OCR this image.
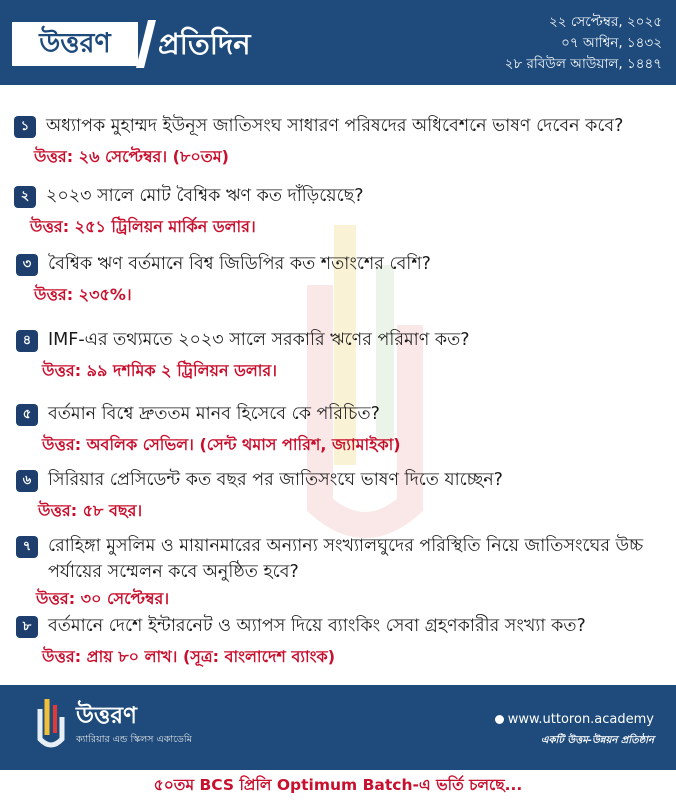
উত্তরণ	প্রতিদিন
২২ সেপ্টেম্বর, ২০২৫
০৭ আশ্বিন, ১৪৩২
২৮ রবিউল আউয়াল, ১৪৪৭
১ অধ্যাপক মুহাম্মদ ইউনূস জাতিসংঘ সাধারণ পরিষদের অধিবেশনে ভাষণ দেবেন কবে?
উত্তর: ২৬ সেপ্টেম্বর। (৮০তম)
২ ২০২৩ সালে মোট বৈশ্বিক ঋণ কত দাঁড়িয়েছে?
উত্তর: ২৫১ ট্রিলিয়ন মার্কিন ডলার।
৩ বৈশ্বিক ঋণ বর্তমানে বিশ্ব জিডিপির কত শতাংশের বেশি?
উত্তর: ২৩৫%।
৪ IMF-এর তথ্যমতে ২০২৩ সালে সরকারি ঋণের পরিমাণ কত?
উত্তর: ৯৯ দশমিক ২ ট্রিলিয়ন ডলার।
৫ বর্তমান বিশ্বে দ্রুততম মানব হিসেবে কে পরিচিত?
উত্তর: অবলিক সেভিল। (সেন্ট থমাস পারিশ, জ্যামাইকা)
৬ সিরিয়ার প্রেসিডেন্ট কত বছর পর জাতিসংঘে ভাষণ দিতে যাচ্ছেন?
উত্তর: ৫৮ বছর।
৭ রোহিঙ্গা মুসলিম ও মায়ানমারের অন্যান্য সংখ্যালঘুদের পরিস্থিতি নিয়ে জাতিসংঘের উচ্চ পর্যায়ের সম্মেলন কবে অনুষ্ঠিত হবে?
উত্তর: ৩০ সেপ্টেম্বর।
৮ বর্তমানে দেশে ইন্টারনেট ও অ্যাপস দিয়ে ব্যাংকিং সেবা গ্রহণকারীর সংখ্যা কত?
উত্তর: প্রায় ৮০ লাখ। (সূত্র: বাংলাদেশ ব্যাংক)
উত্তরণ
ক্যারিয়ার এন্ড স্কিলস একাডেমি
www.uttoron.academy
একটি উত্তম-উন্নয়ন প্রতিষ্ঠান
৫০তম BCS প্রিলি Optimum Batch-এ ভর্তি চলছে...
